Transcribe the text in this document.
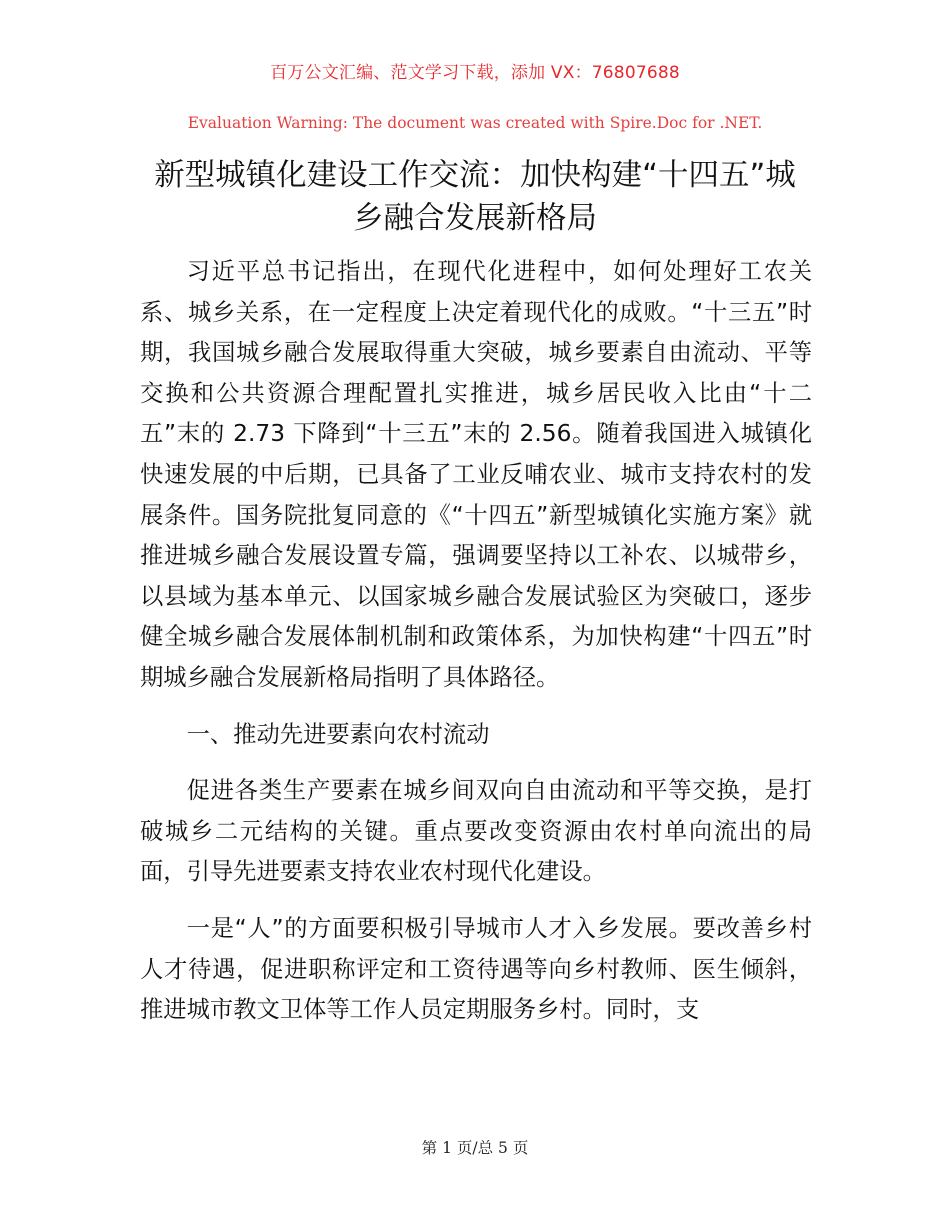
百万公文汇编、范文学习下载，添加 VX：76807688
Evaluation Warning: The document was created with Spire.Doc for .NET.
新型城镇化建设工作交流：加快构建“十四五”城乡融合发展新格局

习近平总书记指出，在现代化进程中，如何处理好工农关系、城乡关系，在一定程度上决定着现代化的成败。“十三五”时期，我国城乡融合发展取得重大突破，城乡要素自由流动、平等交换和公共资源合理配置扎实推进，城乡居民收入比由“十二五”末的 2.73 下降到“十三五”末的 2.56。随着我国进入城镇化快速发展的中后期，已具备了工业反哺农业、城市支持农村的发展条件。国务院批复同意的《“十四五”新型城镇化实施方案》就推进城乡融合发展设置专篇，强调要坚持以工补农、以城带乡，以县域为基本单元、以国家城乡融合发展试验区为突破口，逐步健全城乡融合发展体制机制和政策体系，为加快构建“十四五”时期城乡融合发展新格局指明了具体路径。

一、推动先进要素向农村流动

促进各类生产要素在城乡间双向自由流动和平等交换，是打破城乡二元结构的关键。重点要改变资源由农村单向流出的局面，引导先进要素支持农业农村现代化建设。

一是“人”的方面要积极引导城市人才入乡发展。要改善乡村人才待遇，促进职称评定和工资待遇等向乡村教师、医生倾斜，推进城市教文卫体等工作人员定期服务乡村。同时，支

第 1 页/总 5 页
